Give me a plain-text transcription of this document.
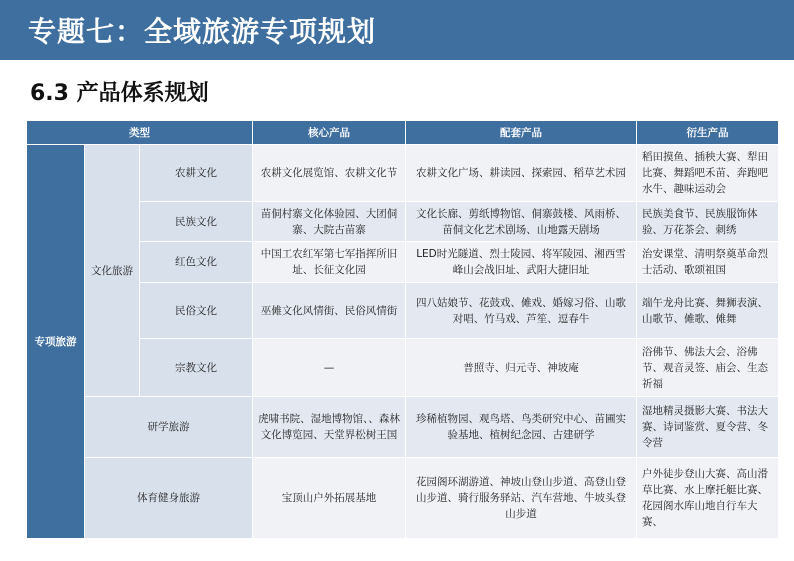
专题七：全域旅游专项规划
6.3 产品体系规划
类型			核心产品	配套产品	衍生产品
专项旅游	文化旅游	农耕文化	农耕文化展览馆、农耕文化节	农耕文化广场、耕读园、探索园、稻草艺术园	稻田摸鱼、插秧大赛、犁田比赛、舞蹈吧禾苗、奔跑吧水牛、趣味运动会
		民族文化	苗侗村寨文化体验园、大团侗寨、大院古苗寨	文化长廊、剪纸博物馆、侗寨鼓楼、风雨桥、苗侗文化艺术剧场、山地露天剧场	民族美食节、民族服饰体验、万花茶会、刺绣
		红色文化	中国工农红军第七军指挥所旧址、长征文化园	LED时光隧道、烈士陵园、将军陵园、湘西雪峰山会战旧址、武阳大捷旧址	治安课堂、清明祭奠革命烈士活动、歌颂祖国
		民俗文化	巫傩文化风情街、民俗风情街	四八姑娘节、花鼓戏、傩戏、婚嫁习俗、山歌对唱、竹马戏、芦笙、逗春牛	端午龙舟比赛、舞狮表演、山歌节、傩歌、傩舞
		宗教文化	—	普照寺、归元寺、神坡庵	浴佛节、佛法大会、浴佛节、观音灵签、庙会、生态祈福
	研学旅游		虎啸书院、湿地博物馆、、森林文化博览园、天堂界松树王国	珍稀植物园、观鸟塔、鸟类研究中心、苗圃实验基地、植树纪念园、古建研学	湿地精灵摄影大赛、书法大赛、诗词鉴赏、夏令营、冬令营
	体育健身旅游		宝顶山户外拓展基地	花园阁环湖游道、神坡山登山步道、高登山登山步道、骑行服务驿站、汽车营地、牛坡头登山步道	户外徒步登山大赛、高山滑草比赛、水上摩托艇比赛、花园阁水库山地自行车大赛、
